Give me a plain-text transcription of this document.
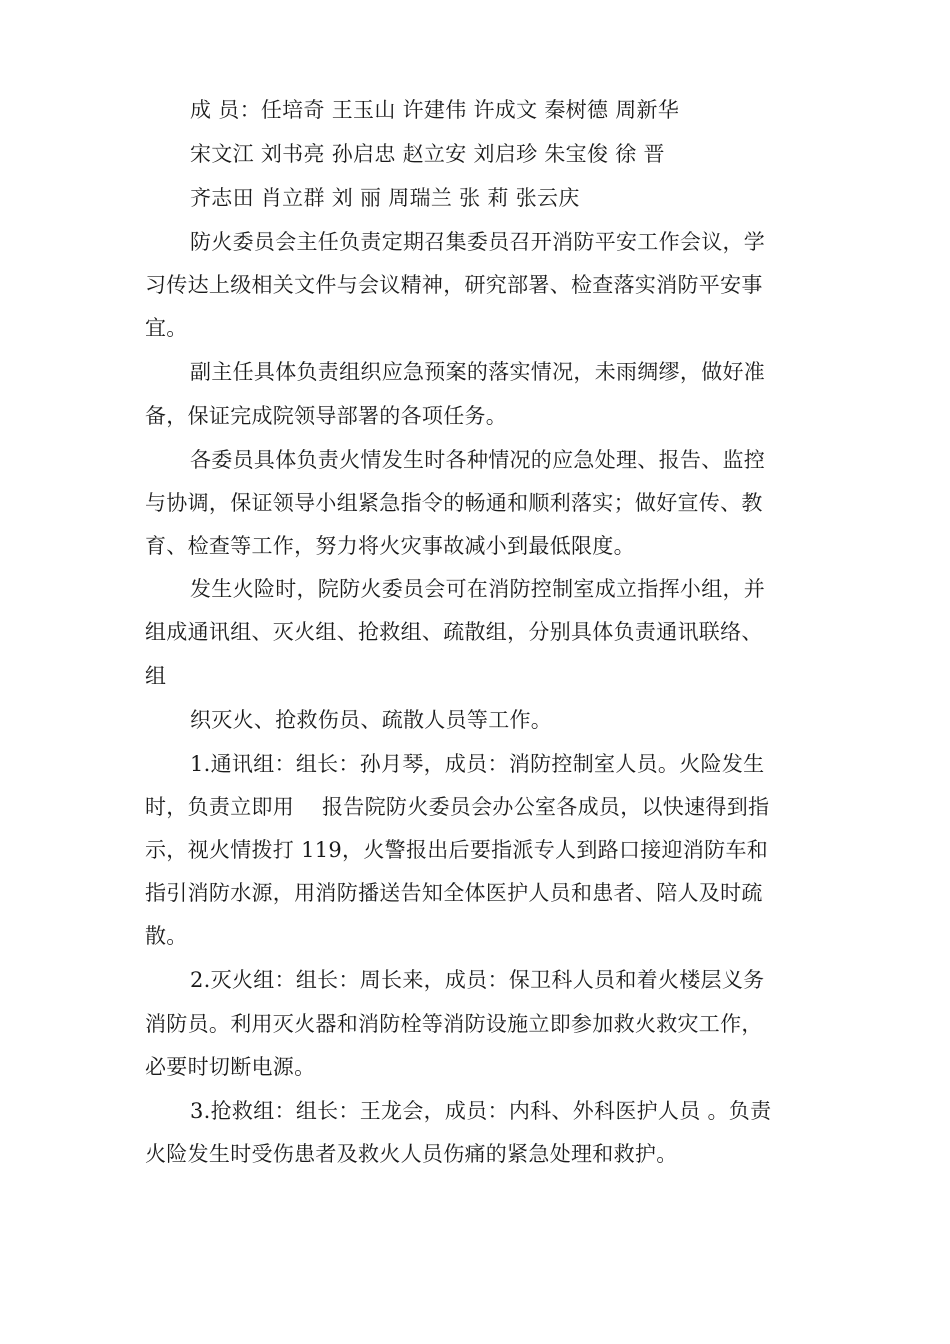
成 员：任培奇 王玉山 许建伟 许成文 秦树德 周新华
宋文江 刘书亮 孙启忠 赵立安 刘启珍 朱宝俊 徐 晋
齐志田 肖立群 刘 丽 周瑞兰 张 莉 张云庆
防火委员会主任负责定期召集委员召开消防平安工作会议，学
习传达上级相关文件与会议精神，研究部署、检查落实消防平安事
宜。
副主任具体负责组织应急预案的落实情况，未雨绸缪，做好准
备，保证完成院领导部署的各项任务。
各委员具体负责火情发生时各种情况的应急处理、报告、监控
与协调，保证领导小组紧急指令的畅通和顺利落实；做好宣传、教
育、检查等工作，努力将火灾事故减小到最低限度。
发生火险时，院防火委员会可在消防控制室成立指挥小组，并
组成通讯组、灭火组、抢救组、疏散组，分别具体负责通讯联络、
组
织灭火、抢救伤员、疏散人员等工作。
1.通讯组：组长：孙月琴，成员：消防控制室人员。火险发生
时，负责立即用    报告院防火委员会办公室各成员，以快速得到指
示，视火情拨打 119，火警报出后要指派专人到路口接迎消防车和
指引消防水源，用消防播送告知全体医护人员和患者、陪人及时疏
散。
2.灭火组：组长：周长来，成员：保卫科人员和着火楼层义务
消防员。利用灭火器和消防栓等消防设施立即参加救火救灾工作，
必要时切断电源。
3.抢救组：组长：王龙会，成员：内科、外科医护人员 。负责
火险发生时受伤患者及救火人员伤痛的紧急处理和救护。
